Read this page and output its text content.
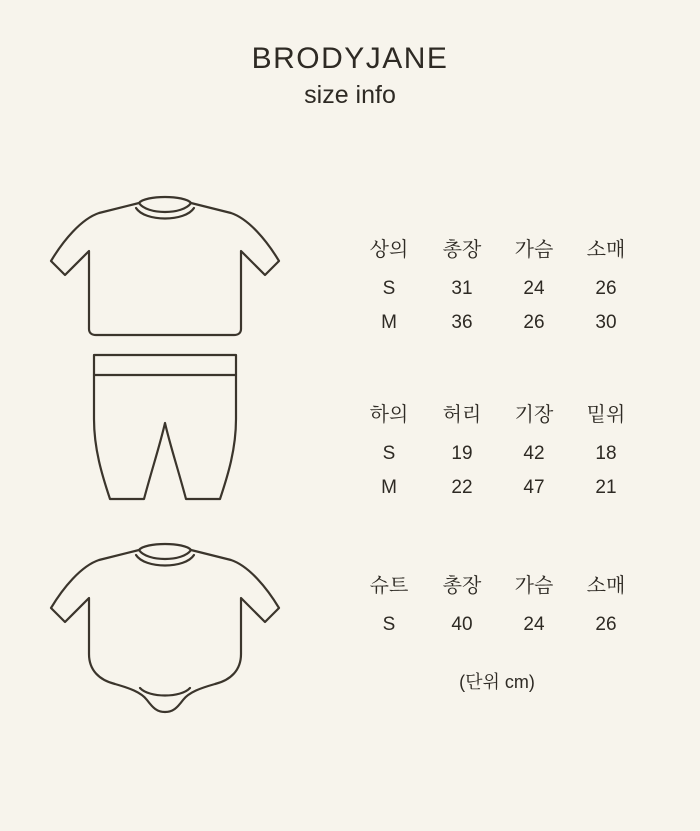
BRODYJANE
size info
상의	총장	가슴	소매
S	31	24	26
M	36	26	30
하의	허리	기장	밑위
S	19	42	18
M	22	47	21
슈트	총장	가슴	소매
S	40	24	26
(단위 cm)
